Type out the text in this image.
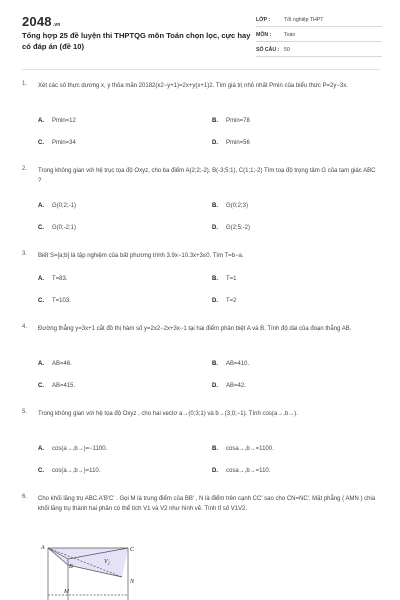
2048.vn
Tổng hợp 25 đề luyện thi THPTQG môn Toán chọn lọc, cực hay có đáp án (đề 10)
LỚP :	Tốt nghiệp THPT
MÔN : Toán
SỐ CÂU : 50
1. Xét các số thực dương x, y thỏa mãn 20182(x2−y+1)=2x+y(x+1)2. Tìm giá trị nhỏ nhất Pmin của biểu thức P=2y−3x.
A. Pmin=12	B. Pmin=78
C. Pmin=34	D. Pmin=56
2. Trong không gian với hệ trục tọa độ Oxyz, cho ba điểm A(2;2;-2), B(-3;5;1), C(1;1;-2) Tìm toạ độ trọng tâm G của tam giác ABC ?
A. G(0;2;-1)	B. G(0;2;3)
C. G(0;-2;1)	D. G(2;5;-2)
3. Biết S=[a;b] là tập nghiệm của bất phương trình 3.9x−10.3x+3≤0. Tìm T=b−a.
A. T=83.	B. T=1
C. T=103.	D. T=2
4. Đường thẳng y=3x+1 cắt đồ thị hàm số y=2x2−2x+3x−1 tại hai điểm phân biệt A và B. Tính độ dài của đoạn thẳng AB.
A. AB=46.	B. AB=410.
C. AB=415.	D. AB=42.
5. Trong không gian với hệ tọa độ Oxyz , cho hai vectơ a→(0;3;1) và b→(3;0;−1). Tính cos(a→,b→).
A. cos(a→,b→)=−1100.	B. cosa→,b→=1100.
C. cos(a→,b→)=110.	D. cosa→,b→=110.
6. Cho khối lăng trụ ABC.A'B'C' . Gọi M là trung điểm của BB' , N là điểm trên cạnh CC' sao cho CN=NC'. Mặt phẳng ( AMN ) chia khối lăng trụ thành hai phần có thể tích V1 và V2 như hình vẽ. Tính tỉ số V1V2.
A
B
C
N
M
$V_2$
